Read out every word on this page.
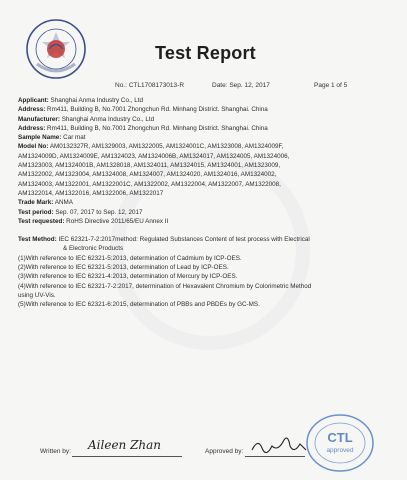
Test Report
No.: CTL1708173013-R	Date: Sep. 12, 2017	Page 1 of 5

Applicant: Shanghai Anma Industry Co., Ltd

Address: Rm411, Building B, No.7001 Zhongchun Rd. Minhang District. Shanghai. China

Manufacturer: Shanghai Anma Industry Co., Ltd

Address: Rm411, Building B, No.7001 Zhongchun Rd. Minhang District. Shanghai. China

Sample Name: Car mat

Model No: AM0132327R, AM1329003, AM1322005, AM1324001C, AM1323008, AM1324009F,

AM1324009D, AM1324009E, AM1324023, AM1324006B, AM1324017, AM1324005, AM1324006,

AM1323003, AM1324001B, AM1328018, AM1324011, AM1324015, AM1324001, AM1323009,

AM1322002, AM1323004, AM1324008, AM1324007, AM1324020, AM1324016, AM1324002,

AM1324003, AM1322001, AM1322001C, AM1322002, AM1322004, AM1322007, AM1322008,

AM1322014, AM1322016, AM1322006, AM1322017

Trade Mark: ANMA

Test period: Sep. 07, 2017 to Sep. 12, 2017

Test requested: RoHS Directive 2011/65/EU Annex II

Test Method: IEC 62321-7-2:2017method: Regulated Substances Content of test process with Electrical

& Electronic Products

(1)With reference to IEC 62321-5:2013, determination of Cadmium by ICP-OES.

(2)With reference to IEC 62321-5:2013, determination of Lead by ICP-OES.

(3)With reference to IEC 62321-4:2013, determination of Mercury by ICP-OES.

(4)With reference to IEC 62321-7-2:2017, determination of Hexavalent Chromium by Colorimetric Method

using UV-Vis.

(5)With reference to IEC 62321-6:2015, determination of PBBs and PBDEs by GC-MS.

Written by: Aileen Zhan	Approved by:
CTL
approved
